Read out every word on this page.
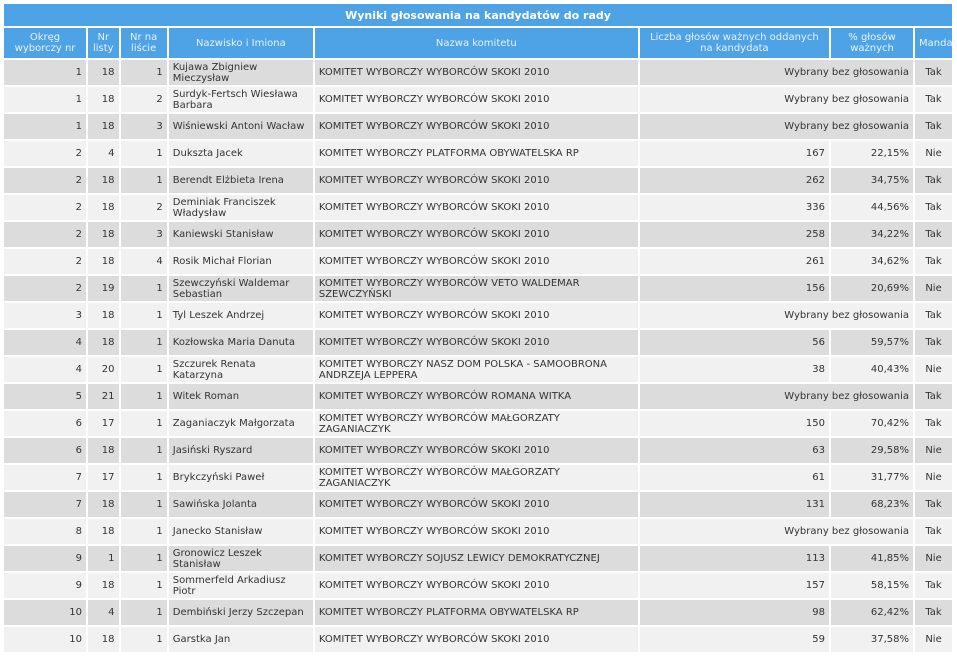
Wyniki głosowania na kandydatów do rady							
Okręg wyborczy nr	Nr listy	Nr na liście	Nazwisko i Imiona	Nazwa komitetu	Liczba głosów ważnych oddanych na kandydata	% głosów ważnych	Mandat
1	18	1	Kujawa Zbigniew Mieczysław	KOMITET WYBORCZY WYBORCÓW SKOKI 2010	Wybrany bez głosowania		Tak
1	18	2	Surdyk-Fertsch Wiesława Barbara	KOMITET WYBORCZY WYBORCÓW SKOKI 2010	Wybrany bez głosowania		Tak
1	18	3	Wiśniewski Antoni Wacław	KOMITET WYBORCZY WYBORCÓW SKOKI 2010	Wybrany bez głosowania		Tak
2	4	1	Dukszta Jacek	KOMITET WYBORCZY PLATFORMA OBYWATELSKA RP	167	22,15%	Nie
2	18	1	Berendt Elżbieta Irena	KOMITET WYBORCZY WYBORCÓW SKOKI 2010	262	34,75%	Tak
2	18	2	Deminiak Franciszek Władysław	KOMITET WYBORCZY WYBORCÓW SKOKI 2010	336	44,56%	Tak
2	18	3	Kaniewski Stanisław	KOMITET WYBORCZY WYBORCÓW SKOKI 2010	258	34,22%	Tak
2	18	4	Rosik Michał Florian	KOMITET WYBORCZY WYBORCÓW SKOKI 2010	261	34,62%	Tak
2	19	1	Szewczyński Waldemar Sebastian	KOMITET WYBORCZY WYBORCÓW VETO WALDEMAR SZEWCZYŃSKI	156	20,69%	Nie
3	18	1	Tyl Leszek Andrzej	KOMITET WYBORCZY WYBORCÓW SKOKI 2010	Wybrany bez głosowania		Tak
4	18	1	Kozłowska Maria Danuta	KOMITET WYBORCZY WYBORCÓW SKOKI 2010	56	59,57%	Tak
4	20	1	Szczurek Renata Katarzyna	KOMITET WYBORCZY NASZ DOM POLSKA - SAMOOBRONA ANDRZEJA LEPPERA	38	40,43%	Nie
5	21	1	Witek Roman	KOMITET WYBORCZY WYBORCÓW ROMANA WITKA	Wybrany bez głosowania		Tak
6	17	1	Zaganiaczyk Małgorzata	KOMITET WYBORCZY WYBORCÓW MAŁGORZATY ZAGANIACZYK	150	70,42%	Tak
6	18	1	Jasiński Ryszard	KOMITET WYBORCZY WYBORCÓW SKOKI 2010	63	29,58%	Nie
7	17	1	Brykczyński Paweł	KOMITET WYBORCZY WYBORCÓW MAŁGORZATY ZAGANIACZYK	61	31,77%	Nie
7	18	1	Sawińska Jolanta	KOMITET WYBORCZY WYBORCÓW SKOKI 2010	131	68,23%	Tak
8	18	1	Janecko Stanisław	KOMITET WYBORCZY WYBORCÓW SKOKI 2010	Wybrany bez głosowania		Tak
9	1	1	Gronowicz Leszek Stanisław	KOMITET WYBORCZY SOJUSZ LEWICY DEMOKRATYCZNEJ	113	41,85%	Nie
9	18	1	Sommerfeld Arkadiusz Piotr	KOMITET WYBORCZY WYBORCÓW SKOKI 2010	157	58,15%	Tak
10	4	1	Dembiński Jerzy Szczepan	KOMITET WYBORCZY PLATFORMA OBYWATELSKA RP	98	62,42%	Tak
10	18	1	Garstka Jan	KOMITET WYBORCZY WYBORCÓW SKOKI 2010	59	37,58%	Nie
